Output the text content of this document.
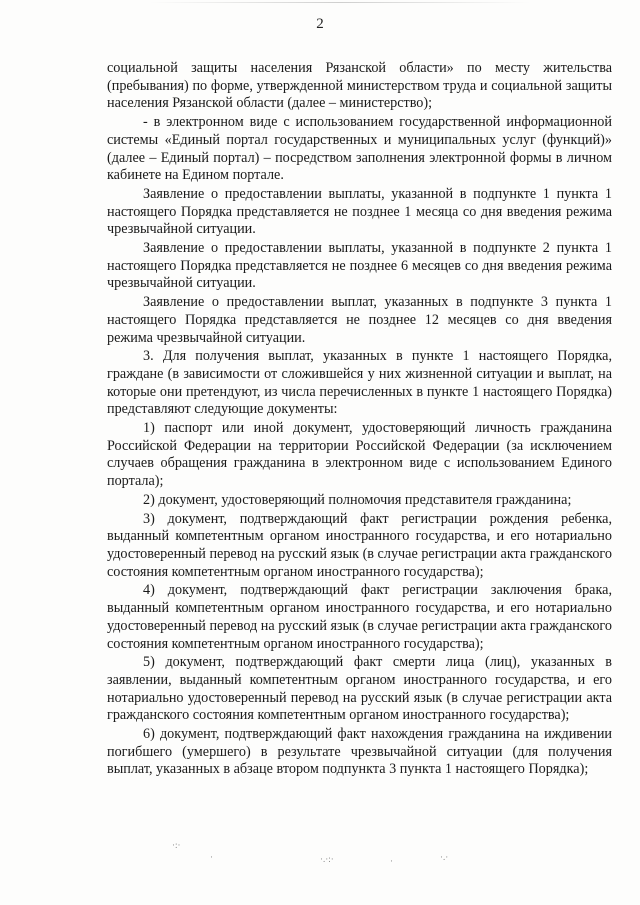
2

социальной защиты населения Рязанской области» по месту жительства (пребывания) по форме, утвержденной министерством труда и социальной защиты населения Рязанской области (далее – министерство);

- в электронном виде с использованием государственной информационной системы «Единый портал государственных и муниципальных услуг (функций)» (далее – Единый портал) – посредством заполнения электронной формы в личном кабинете на Едином портале.

Заявление о предоставлении выплаты, указанной в подпункте 1 пункта 1 настоящего Порядка представляется не позднее 1 месяца со дня введения режима чрезвычайной ситуации.

Заявление о предоставлении выплаты, указанной в подпункте 2 пункта 1 настоящего Порядка представляется не позднее 6 месяцев со дня введения режима чрезвычайной ситуации.

Заявление о предоставлении выплат, указанных в подпункте 3 пункта 1 настоящего Порядка представляется не позднее 12 месяцев со дня введения режима чрезвычайной ситуации.

3. Для получения выплат, указанных в пункте 1 настоящего Порядка, граждане (в зависимости от сложившейся у них жизненной ситуации и выплат, на которые они претендуют, из числа перечисленных в пункте 1 настоящего Порядка) представляют следующие документы:

1) паспорт или иной документ, удостоверяющий личность гражданина Российской Федерации на территории Российской Федерации (за исключением случаев обращения гражданина в электронном виде с использованием Единого портала);

2) документ, удостоверяющий полномочия представителя гражданина;

3) документ, подтверждающий факт регистрации рождения ребенка, выданный компетентным органом иностранного государства, и его нотариально удостоверенный перевод на русский язык (в случае регистрации акта гражданского состояния компетентным органом иностранного государства);

4) документ, подтверждающий факт регистрации заключения брака, выданный компетентным органом иностранного государства, и его нотариально удостоверенный перевод на русский язык (в случае регистрации акта гражданского состояния компетентным органом иностранного государства);

5) документ, подтверждающий факт смерти лица (лиц), указанных в заявлении, выданный компетентным органом иностранного государства, и его нотариально удостоверенный перевод на русский язык (в случае регистрации акта гражданского состояния компетентным органом иностранного государства);

6) документ, подтверждающий факт нахождения гражданина на иждивении погибшего (умершего) в результате чрезвычайной ситуации (для получения выплат, указанных в абзаце втором подпункта 3 пункта 1 настоящего Порядка);

·:·
·	·.·:·	·	·.·
